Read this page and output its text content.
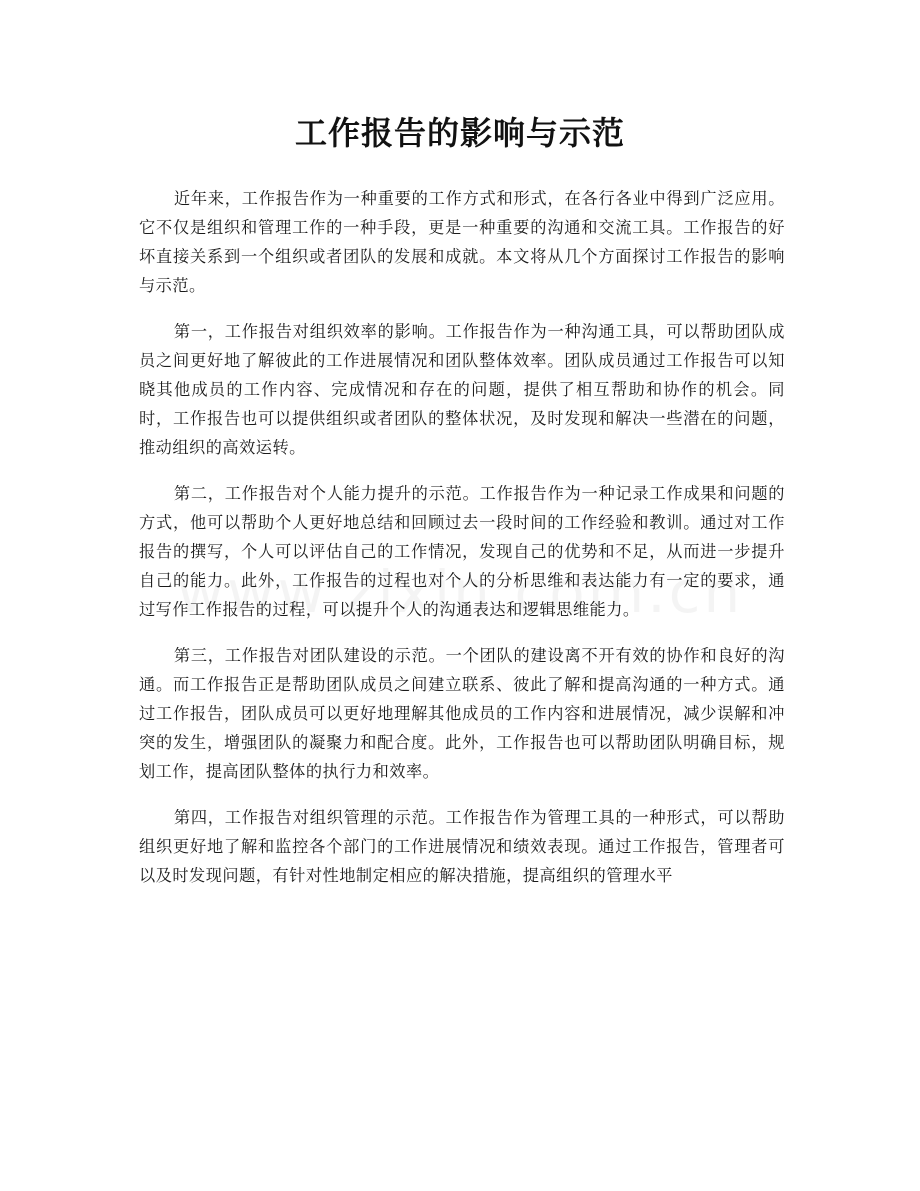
工作报告的影响与示范

近年来，工作报告作为一种重要的工作方式和形式，在各行各业中得到广泛应用。它不仅是组织和管理工作的一种手段，更是一种重要的沟通和交流工具。工作报告的好坏直接关系到一个组织或者团队的发展和成就。本文将从几个方面探讨工作报告的影响与示范。

第一，工作报告对组织效率的影响。工作报告作为一种沟通工具，可以帮助团队成员之间更好地了解彼此的工作进展情况和团队整体效率。团队成员通过工作报告可以知晓其他成员的工作内容、完成情况和存在的问题，提供了相互帮助和协作的机会。同时，工作报告也可以提供组织或者团队的整体状况，及时发现和解决一些潜在的问题，推动组织的高效运转。

第二，工作报告对个人能力提升的示范。工作报告作为一种记录工作成果和问题的方式，他可以帮助个人更好地总结和回顾过去一段时间的工作经验和教训。通过对工作报告的撰写，个人可以评估自己的工作情况，发现自己的优势和不足，从而进一步提升自己的能力。此外，工作报告的过程也对个人的分析思维和表达能力有一定的要求，通过写作工作报告的过程，可以提升个人的沟通表达和逻辑思维能力。

第三，工作报告对团队建设的示范。一个团队的建设离不开有效的协作和良好的沟通。而工作报告正是帮助团队成员之间建立联系、彼此了解和提高沟通的一种方式。通过工作报告，团队成员可以更好地理解其他成员的工作内容和进展情况，减少误解和冲突的发生，增强团队的凝聚力和配合度。此外，工作报告也可以帮助团队明确目标，规划工作，提高团队整体的执行力和效率。

第四，工作报告对组织管理的示范。工作报告作为管理工具的一种形式，可以帮助组织更好地了解和监控各个部门的工作进展情况和绩效表现。通过工作报告，管理者可以及时发现问题，有针对性地制定相应的解决措施，提高组织的管理水平
